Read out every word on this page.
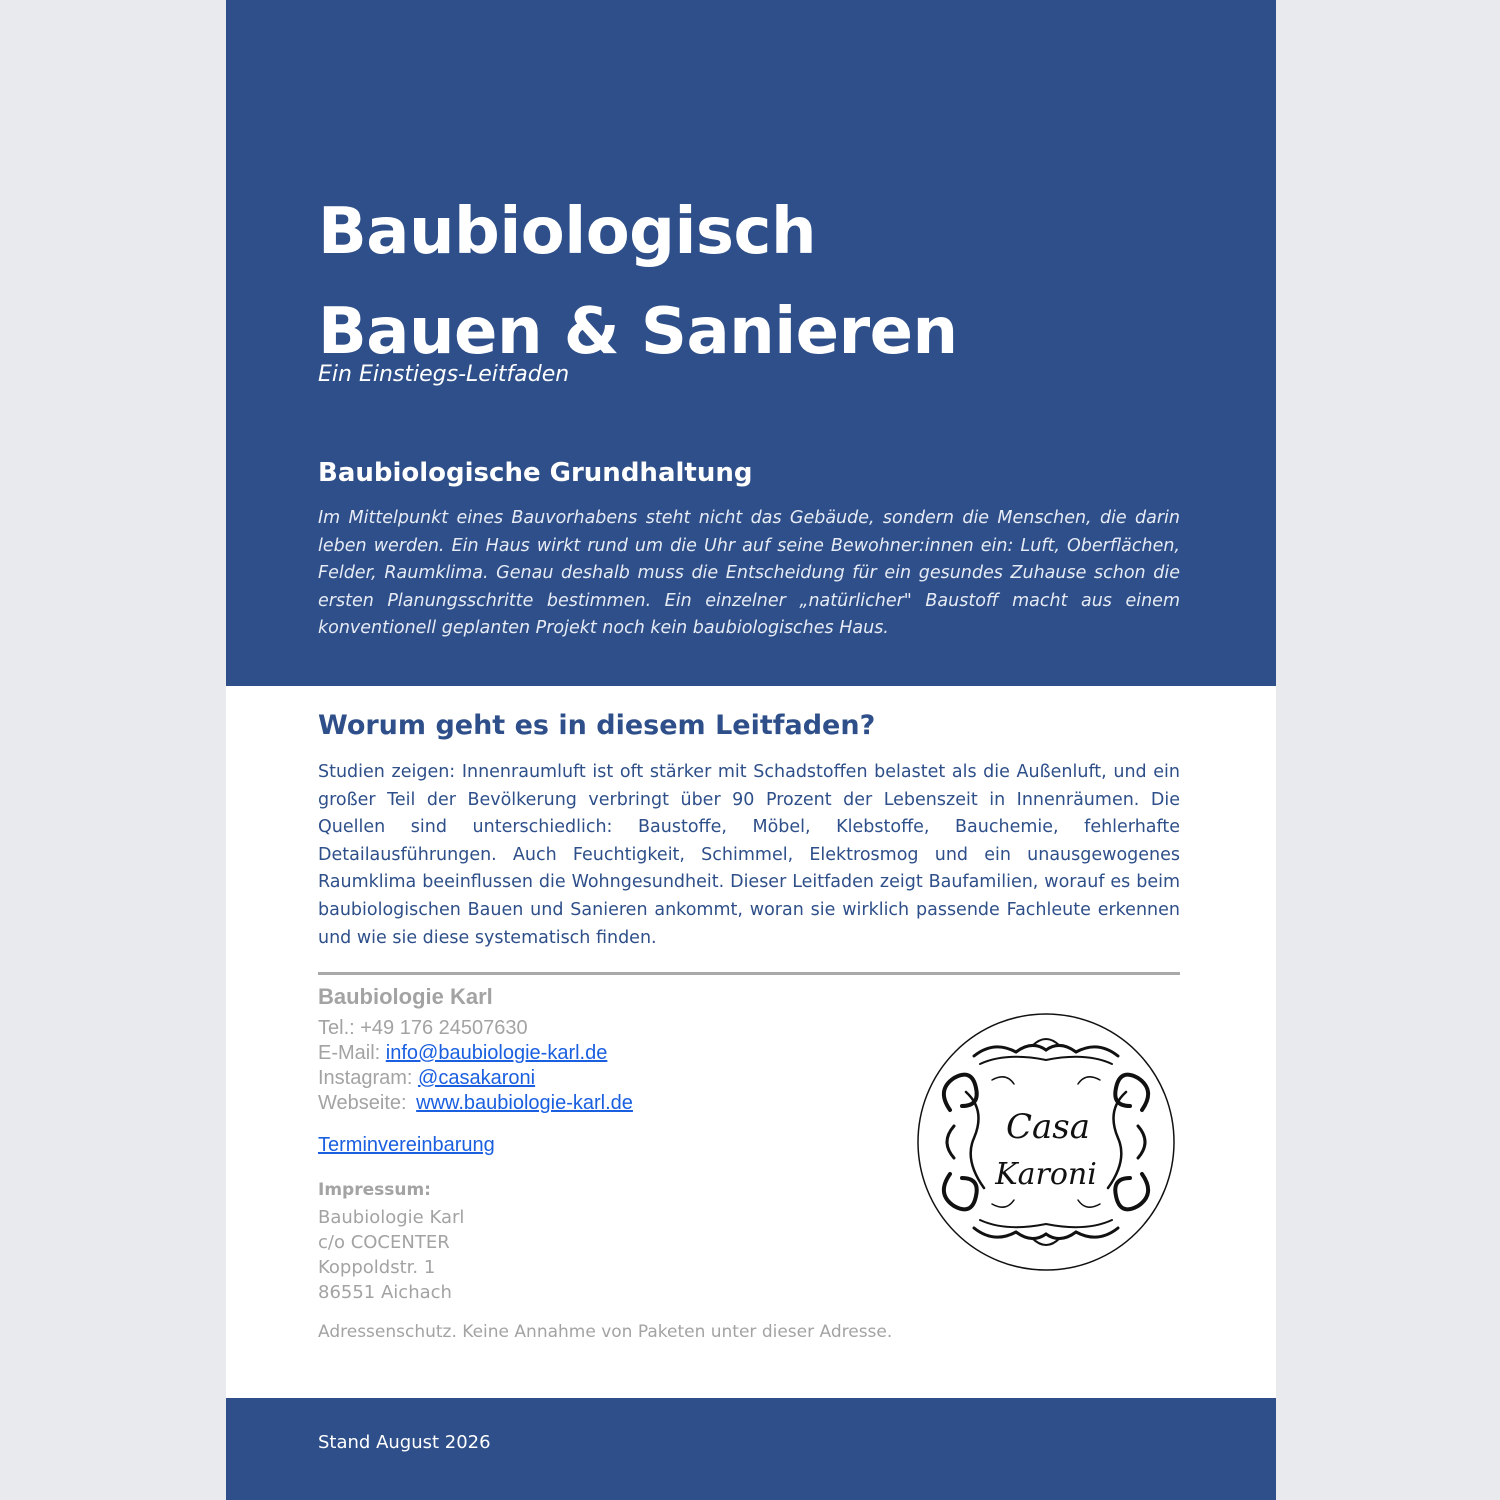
Baubiologisch
Bauen & Sanieren
Ein Einstiegs-Leitfaden
Baubiologische Grundhaltung

Im Mittelpunkt eines Bauvorhabens steht nicht das Gebäude, sondern die Menschen, die darin leben werden. Ein Haus wirkt rund um die Uhr auf seine Bewohner:innen ein: Luft, Oberflächen, Felder, Raumklima. Genau deshalb muss die Entscheidung für ein gesundes Zuhause schon die ersten Planungsschritte bestimmen. Ein einzelner „natürlicher" Baustoff macht aus einem konventionell geplanten Projekt noch kein baubiologisches Haus.

Worum geht es in diesem Leitfaden?

Studien zeigen: Innenraumluft ist oft stärker mit Schadstoffen belastet als die Außenluft, und ein großer Teil der Bevölkerung verbringt über 90 Prozent der Lebenszeit in Innenräumen. Die Quellen sind unterschiedlich: Baustoffe, Möbel, Klebstoffe, Bauchemie, fehlerhafte Detailausführungen. Auch Feuchtigkeit, Schimmel, Elektrosmog und ein unausgewogenes Raumklima beeinflussen die Wohngesundheit. Dieser Leitfaden zeigt Baufamilien, worauf es beim baubiologischen Bauen und Sanieren ankommt, woran sie wirklich passende Fachleute erkennen und wie sie diese systematisch finden.

Baubiologie Karl
Tel.: +49 176 24507630
E-Mail: info@baubiologie-karl.de
Instagram: @casakaroni
Webseite: www.baubiologie-karl.de
Terminvereinbarung
Impressum:
Baubiologie Karl
c/o COCENTER
Koppoldstr. 1
86551 Aichach
Adressenschutz. Keine Annahme von Paketen unter dieser Adresse.
Casa
Karoni
Stand August 2026
